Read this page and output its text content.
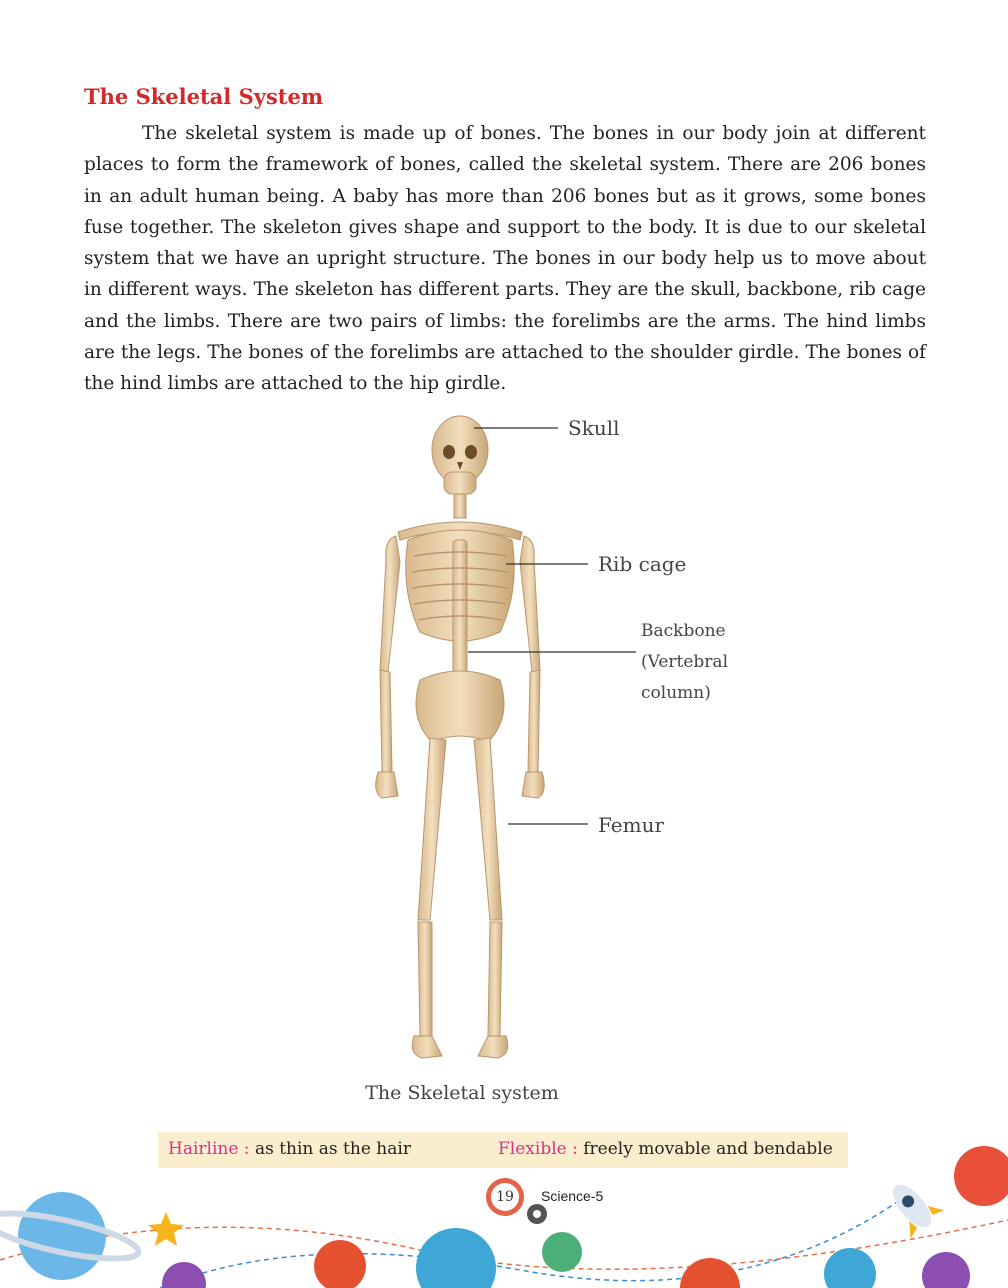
The Skeletal System

The skeletal system is made up of bones. The bones in our body join at different places to form the framework of bones, called the skeletal system. There are 206 bones in an adult human being. A baby has more than 206 bones but as it grows, some bones fuse together. The skeleton gives shape and support to the body. It is due to our skeletal system that we have an upright structure. The bones in our body help us to move about in different ways. The skeleton has different parts. They are the skull, backbone, rib cage and the limbs. There are two pairs of limbs: the forelimbs are the arms. The hind limbs are the legs. The bones of the forelimbs are attached to the shoulder girdle. The bones of the hind limbs are attached to the hip girdle.

Skull
Rib cage
Backbone
(Vertebral
column)
Femur
The Skeletal system
Hairline : as thin as the hair	Flexible : freely movable and bendable
19	Science-5
